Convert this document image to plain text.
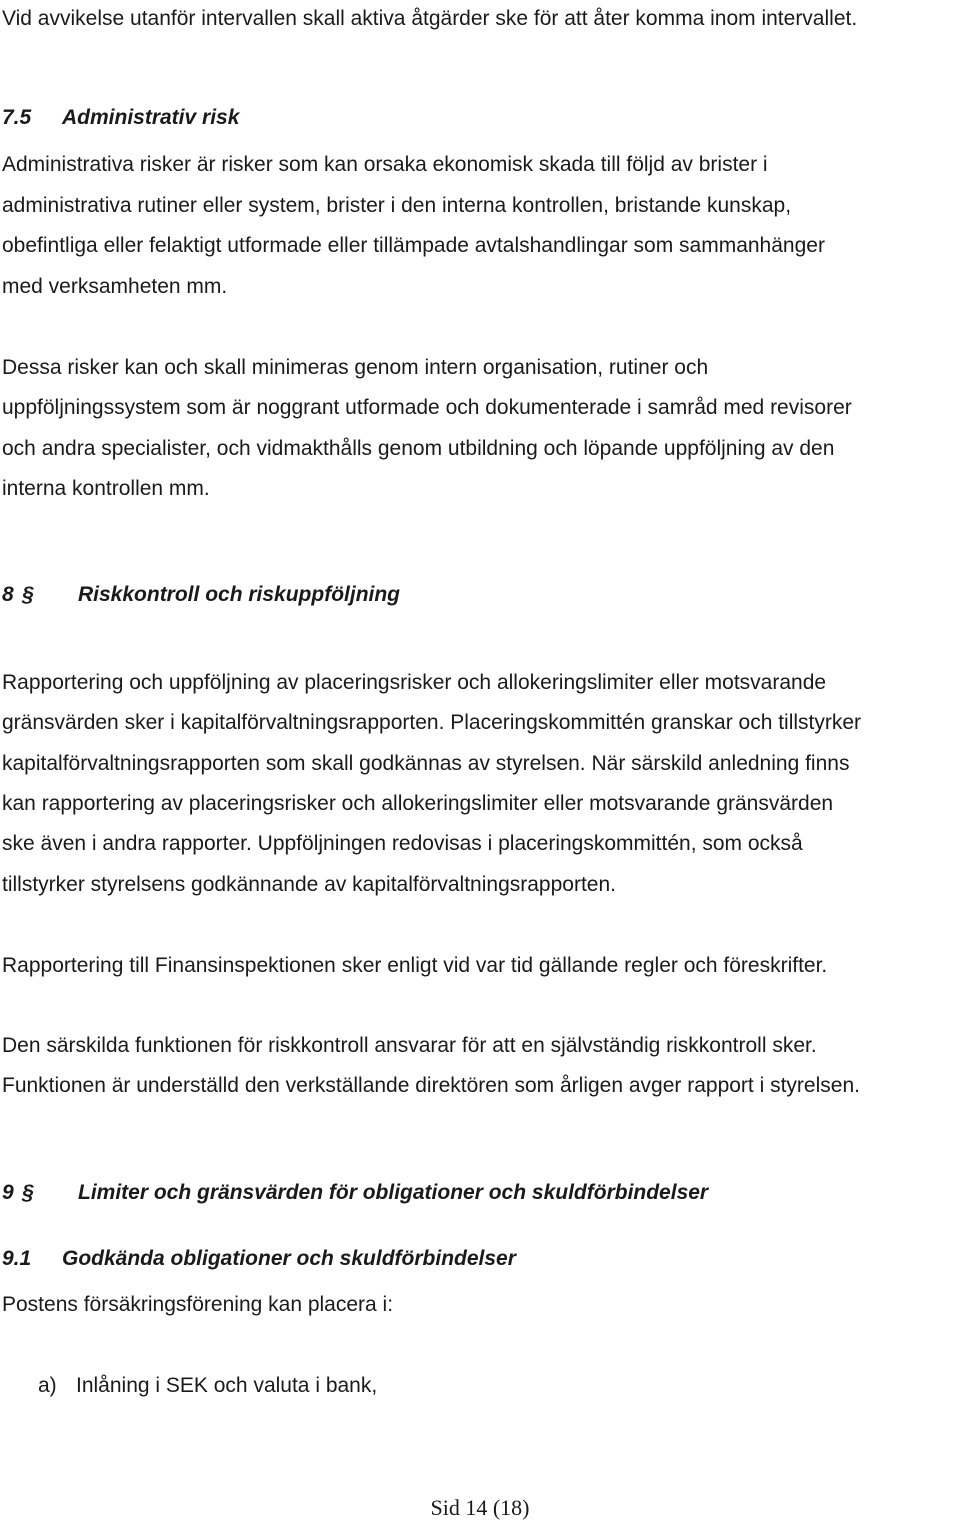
Vid avvikelse utanför intervallen skall aktiva åtgärder ske för att åter komma inom intervallet.
7.5 Administrativ risk
Administrativa risker är risker som kan orsaka ekonomisk skada till följd av brister i
administrativa rutiner eller system, brister i den interna kontrollen, bristande kunskap,
obefintliga eller felaktigt utformade eller tillämpade avtalshandlingar som sammanhänger
med verksamheten mm.
Dessa risker kan och skall minimeras genom intern organisation, rutiner och
uppföljningssystem som är noggrant utformade och dokumenterade i samråd med revisorer
och andra specialister, och vidmakthålls genom utbildning och löpande uppföljning av den
interna kontrollen mm.
8 § Riskkontroll och riskuppföljning
Rapportering och uppföljning av placeringsrisker och allokeringslimiter eller motsvarande
gränsvärden sker i kapitalförvaltningsrapporten. Placeringskommittén granskar och tillstyrker
kapitalförvaltningsrapporten som skall godkännas av styrelsen. När särskild anledning finns
kan rapportering av placeringsrisker och allokeringslimiter eller motsvarande gränsvärden
ske även i andra rapporter. Uppföljningen redovisas i placeringskommittén, som också
tillstyrker styrelsens godkännande av kapitalförvaltningsrapporten.
Rapportering till Finansinspektionen sker enligt vid var tid gällande regler och föreskrifter.
Den särskilda funktionen för riskkontroll ansvarar för att en självständig riskkontroll sker.
Funktionen är underställd den verkställande direktören som årligen avger rapport i styrelsen.
9 § Limiter och gränsvärden för obligationer och skuldförbindelser
9.1 Godkända obligationer och skuldförbindelser
Postens försäkringsförening kan placera i:
a) Inlåning i SEK och valuta i bank,
Sid 14 (18)
